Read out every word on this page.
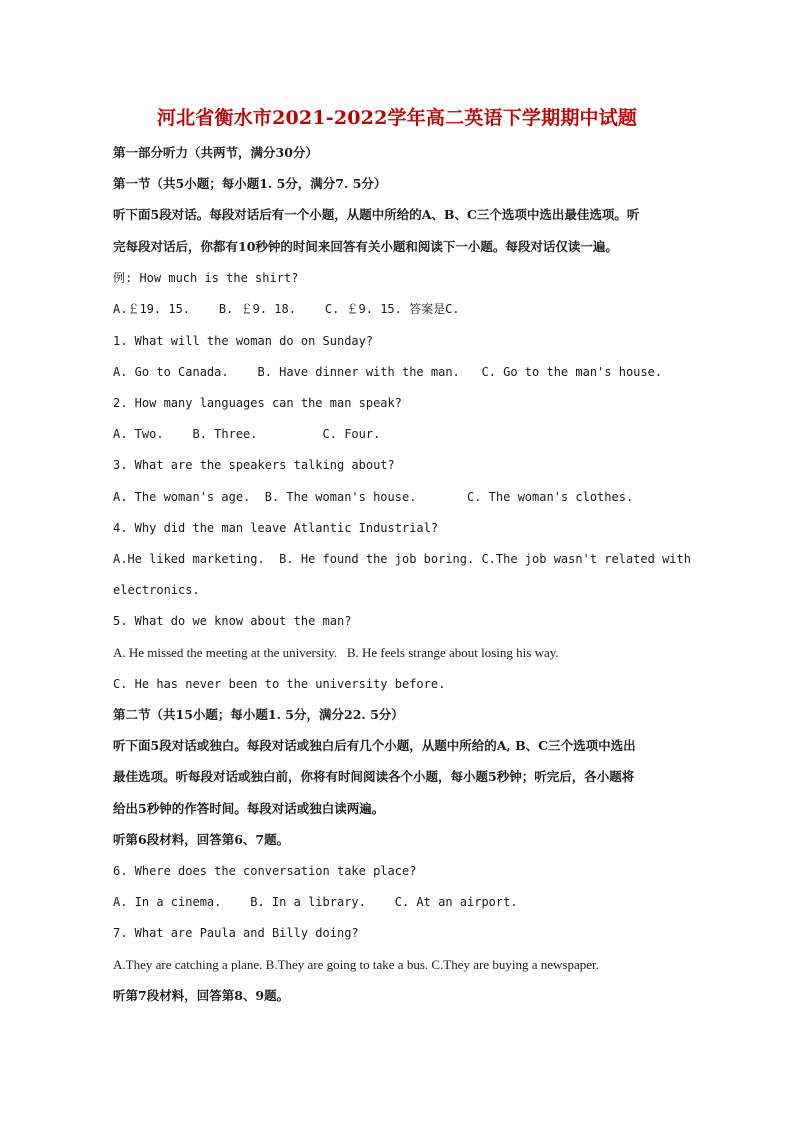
河北省衡水市2021-2022学年高二英语下学期期中试题
第一部分听力（共两节，满分30分）
第一节（共5小题；每小题1. 5分，满分7. 5分）
听下面5段对话。每段对话后有一个小题，从题中所给的A、B、C三个选项中选出最佳选项。听
完每段对话后，你都有10秒钟的时间来回答有关小题和阅读下一小题。每段对话仅读一遍。
例: How much is the shirt?
A.￡19. 15.    B. ￡9. 18.    C. ￡9. 15. 答案是C.
1. What will the woman do on Sunday?
A. Go to Canada.    B. Have dinner with the man.   C. Go to the man's house.
2. How many languages can the man speak?
A. Two.    B. Three.         C. Four.
3. What are the speakers talking about?
A. The woman's age.  B. The woman's house.       C. The woman's clothes.
4. Why did the man leave Atlantic Industrial?
A.He liked marketing.  B. He found the job boring. C.The job wasn't related with
electronics.
5. What do we know about the man?
A. He missed the meeting at the university.   B. He feels strange about losing his way.
C. He has never been to the university before.
第二节（共15小题；每小题1. 5分，满分22. 5分）
听下面5段对话或独白。每段对话或独白后有几个小题，从题中所给的A, B、C三个选项中选出
最佳选项。听每段对话或独白前，你将有时间阅读各个小题，每小题5秒钟；听完后，各小题将
给出5秒钟的作答时间。每段对话或独白读两遍。
听第6段材料，回答第6、7题。
6. Where does the conversation take place?
A. In a cinema.    B. In a library.    C. At an airport.
7. What are Paula and Billy doing?
A.They are catching a plane. B.They are going to take a bus. C.They are buying a newspaper.
听第7段材料，回答第8、9题。
